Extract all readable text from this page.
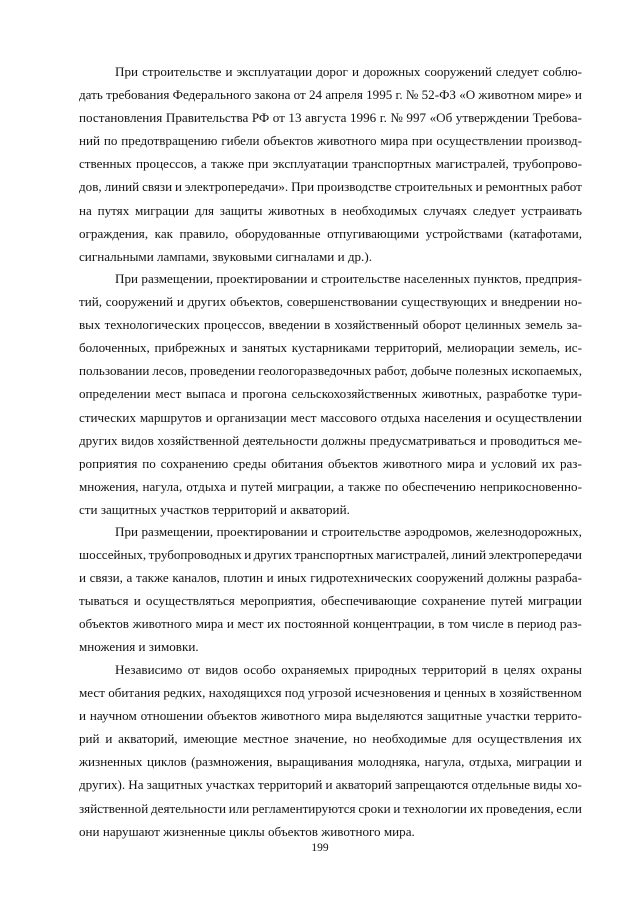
При строительстве и эксплуатации дорог и дорожных сооружений следует соблю-
дать требования Федерального закона от 24 апреля 1995 г. № 52-ФЗ «О животном мире» и
постановления Правительства РФ от 13 августа 1996 г. № 997 «Об утверждении Требова-
ний по предотвращению гибели объектов животного мира при осуществлении производ-
ственных процессов, а также при эксплуатации транспортных магистралей, трубопрово-
дов, линий связи и электропередачи». При производстве строительных и ремонтных работ
на путях миграции для защиты животных в необходимых случаях следует устраивать
ограждения, как правило, оборудованные отпугивающими устройствами (катафотами,
сигнальными лампами, звуковыми сигналами и др.).
При размещении, проектировании и строительстве населенных пунктов, предприя-
тий, сооружений и других объектов, совершенствовании существующих и внедрении но-
вых технологических процессов, введении в хозяйственный оборот целинных земель за-
болоченных, прибрежных и занятых кустарниками территорий, мелиорации земель, ис-
пользовании лесов, проведении геологоразведочных работ, добыче полезных ископаемых,
определении мест выпаса и прогона сельскохозяйственных животных, разработке тури-
стических маршрутов и организации мест массового отдыха населения и осуществлении
других видов хозяйственной деятельности должны предусматриваться и проводиться ме-
роприятия по сохранению среды обитания объектов животного мира и условий их раз-
множения, нагула, отдыха и путей миграции, а также по обеспечению неприкосновенно-
сти защитных участков территорий и акваторий.
При размещении, проектировании и строительстве аэродромов, железнодорожных,
шоссейных, трубопроводных и других транспортных магистралей, линий электропередачи
и связи, а также каналов, плотин и иных гидротехнических сооружений должны разраба-
тываться и осуществляться мероприятия, обеспечивающие сохранение путей миграции
объектов животного мира и мест их постоянной концентрации, в том числе в период раз-
множения и зимовки.
Независимо от видов особо охраняемых природных территорий в целях охраны
мест обитания редких, находящихся под угрозой исчезновения и ценных в хозяйственном
и научном отношении объектов животного мира выделяются защитные участки террито-
рий и акваторий, имеющие местное значение, но необходимые для осуществления их
жизненных циклов (размножения, выращивания молодняка, нагула, отдыха, миграции и
других). На защитных участках территорий и акваторий запрещаются отдельные виды хо-
зяйственной деятельности или регламентируются сроки и технологии их проведения, если
они нарушают жизненные циклы объектов животного мира.
199
